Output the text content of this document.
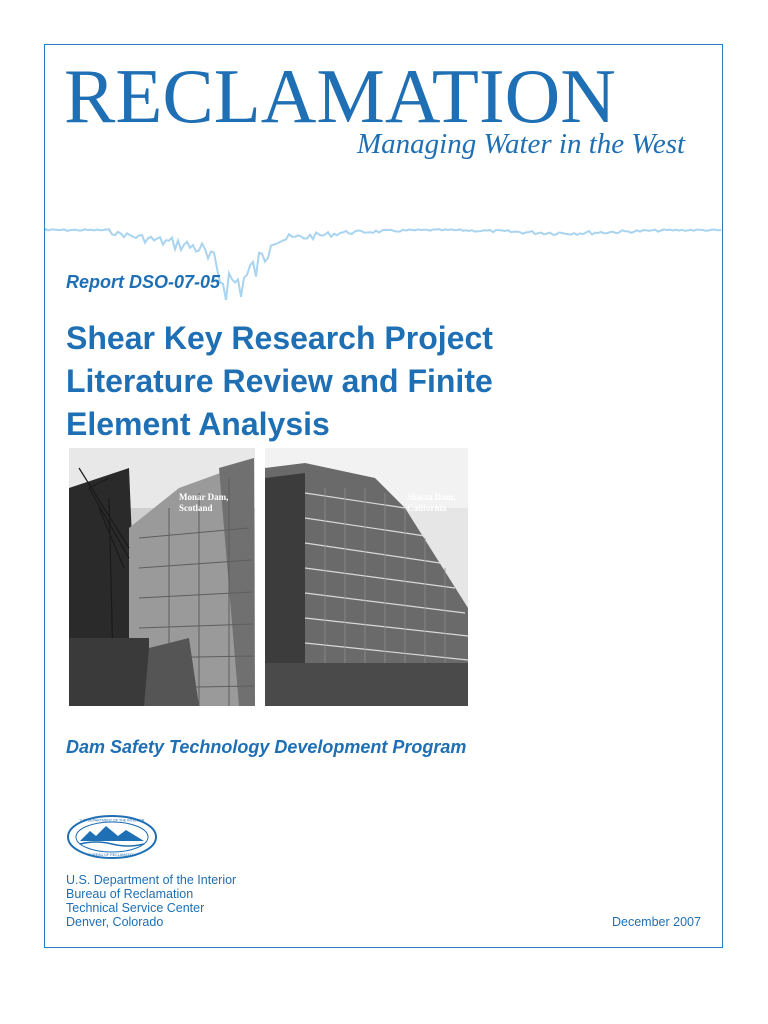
RECLAMATION
Managing Water in the West
Report DSO-07-05
Shear Key Research Project
Literature Review and Finite
Element Analysis
Monar Dam,
Scotland
Shasta Dam,
California
Dam Safety Technology Development Program
U.S. DEPARTMENT OF THE INTERIOR
BUREAU OF RECLAMATION
U.S. Department of the Interior
Bureau of Reclamation
Technical Service Center
Denver, Colorado	December 2007
